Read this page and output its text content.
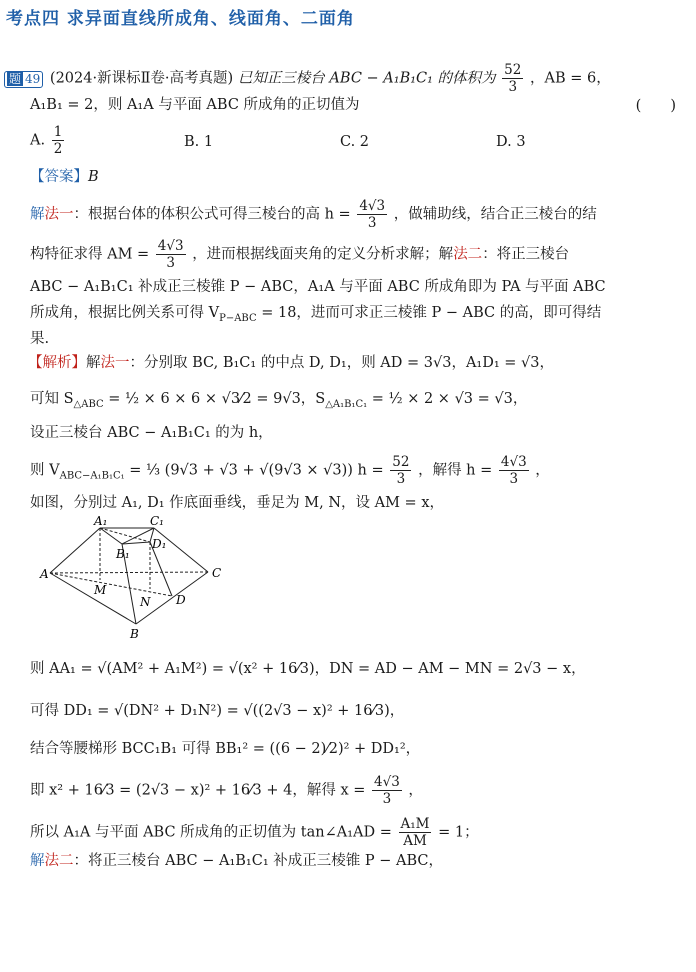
考点四 求异面直线所成角、线面角、二面角
题 49 (2024·新课标Ⅱ卷·高考真题) 已知正三棱台 ABC − A₁B₁C₁ 的体积为 $\frac{52}{3}$ ，AB = 6，
A₁B₁ = 2，则 A₁A 与平面 ABC 所成角的正切值为	(　　)
A. $\frac{1}{2}$	B. 1	C. 2	D. 3
【答案】B
解法一：根据台体的体积公式可得三棱台的高 $h = \frac{4√3}{3}$ ，做辅助线，结合正三棱台的结
构特征求得 AM = $\frac{4√3}{3}$ ，进而根据线面夹角的定义分析求解；解法二：将正三棱台
ABC − A₁B₁C₁ 补成正三棱锥 P − ABC，A₁A 与平面 ABC 所成角即为 PA 与平面 ABC
所成角，根据比例关系可得 $V_{P-ABC} = 18$，进而可求正三棱锥 P − ABC 的高，即可得结
果.
【解析】解法一：分别取 BC, B₁C₁ 的中点 D, D₁，则 AD = 3√3，A₁D₁ = √3，
可知 $S_{\triangle ABC}$ = ½ × 6 × 6 × √3⁄2 = 9√3，$S_{\triangle A_1B_1C_1}$ = ½ × 2 × √3 = √3，
设正三棱台 ABC − A₁B₁C₁ 的为 h，
则 $V_{ABC-A_1B_1C_1}$ = ⅓ (9√3 + √3 + √(9√3 × √3)) $h = \frac{52}{3}$ ，解得 $h = \frac{4√3}{3}$ ，
如图，分别过 A₁, D₁ 作底面垂线，垂足为 M, N，设 AM = x，
A₁	C₁
B₁
D₁
A	C
M
N D
B
则 AA₁ = √(AM² + A₁M²) = √(x² + 16⁄3)，DN = AD − AM − MN = 2√3 − x，
可得 DD₁ = √(DN² + D₁N²) = √((2√3 − x)² + 16⁄3)，
结合等腰梯形 BCC₁B₁ 可得 BB₁² = ((6 − 2)⁄2)² + DD₁²，
即 x² + 16⁄3 = (2√3 − x)² + 16⁄3 + 4，解得 $x = \frac{4√3}{3}$ ，
所以 A₁A 与平面 ABC 所成角的正切值为 tan∠A₁AD = $\frac{\text{A₁M}}{AM} = 1$；
解法二：将正三棱台 ABC − A₁B₁C₁ 补成正三棱锥 P − ABC，
